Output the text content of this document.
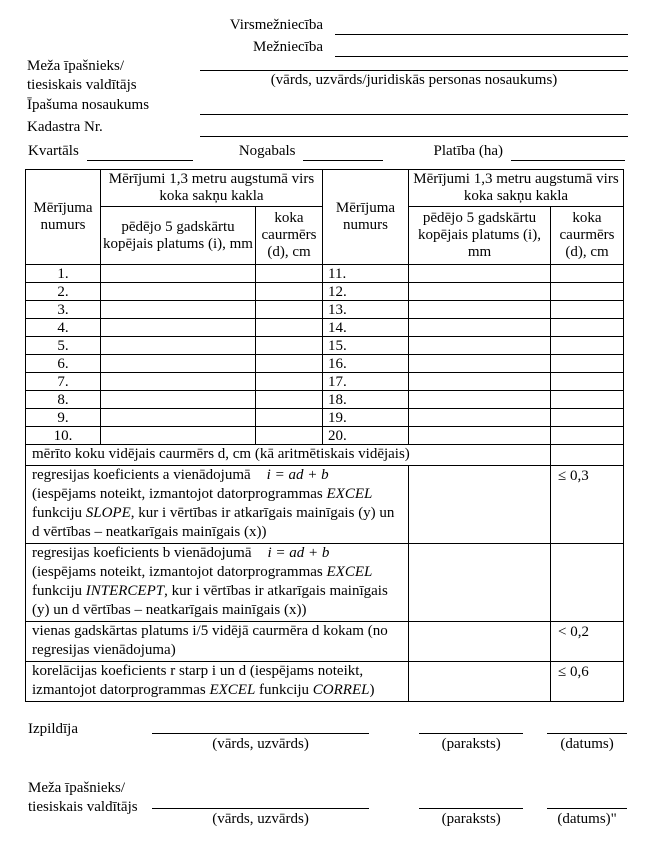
Virsmežniecība
Mežniecība
Meža īpašnieks/
tiesiskais valdītājs	(vārds, uzvārds/juridiskās personas nosaukums)
Īpašuma nosaukums
Kadastra Nr.
Kvartāls	Nogabals	Platība (ha)
Mērījuma numurs	Mērījumi 1,3 metru augstumā virs koka sakņu kakla		Mērījuma numurs	Mērījumi 1,3 metru augstumā virs koka sakņu kakla	
	pēdējo 5 gadskārtu kopējais platums (i), mm	koka caurmērs (d), cm		pēdējo 5 gadskārtu kopējais platums (i), mm	koka caurmērs (d), cm
1.			11.		
2.			12.		
3.			13.		
4.			14.		
5.			15.		
6.			16.		
7.			17.		
8.			18.		
9.			19.		
10.			20.		
mērīto koku vidējais caurmērs d, cm (kā aritmētiskais vidējais)					

regresijas koeficients a vienādojumā i = ad + b
(iespējams noteikt, izmantojot datorprogrammas EXCEL funkciju SLOPE, kur i vērtības ir atkarīgais mainīgais (y) un d vērtības – neatkarīgais mainīgais (x))					≤ 0,3

regresijas koeficients b vienādojumā i = ad + b
(iespējams noteikt, izmantojot datorprogrammas EXCEL funkciju INTERCEPT, kur i vērtības ir atkarīgais mainīgais (y) un d vērtības – neatkarīgais mainīgais (x))					

vienas gadskārtas platums i/5 vidējā caurmēra d kokam (no regresijas vienādojuma)					< 0,2

korelācijas koeficients r starp i un d (iespējams noteikt, izmantojot datorprogrammas EXCEL funkciju CORREL)					≤ 0,6
Izpildīja
(vārds, uzvārds)	(paraksts)	(datums)
Meža īpašnieks/
tiesiskais valdītājs
(vārds, uzvārds)	(paraksts)	(datums)"
